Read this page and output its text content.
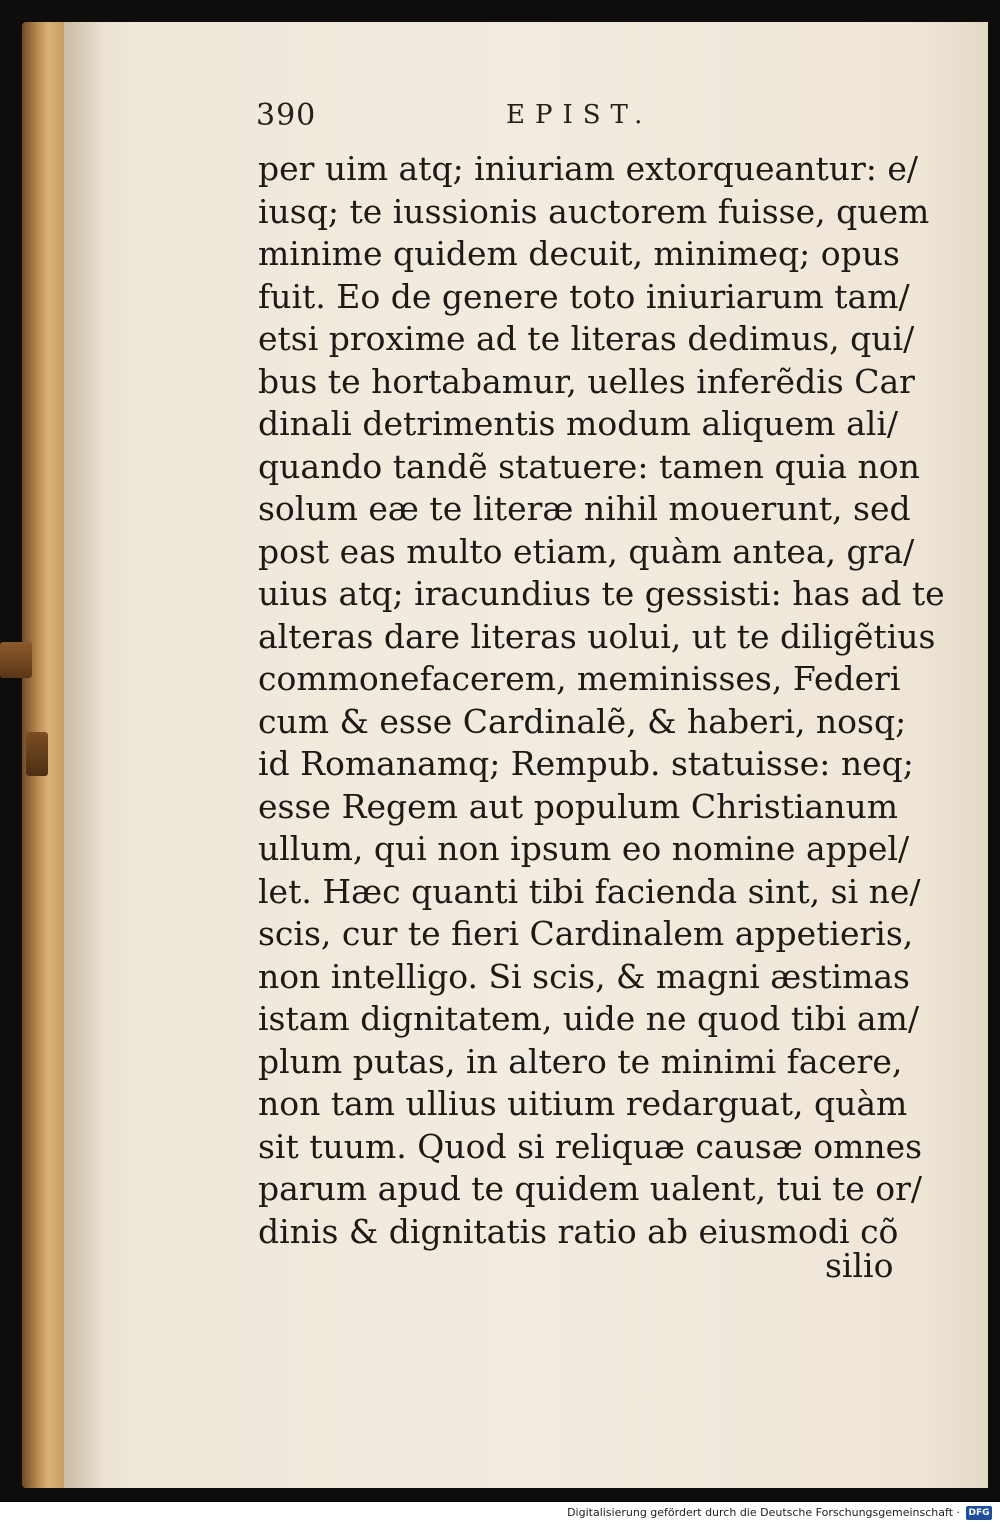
390	EPIST.
per uim atq; iniuriam extorqueantur: e/
iusq; te iussionis auctorem fuisse, quem
minime quidem decuit, minimeq; opus
fuit. Eo de genere toto iniuriarum tam/
etsi proxime ad te literas dedimus, qui/
bus te hortabamur, uelles inferẽdis Car
dinali detrimentis modum aliquem ali/
quando tandẽ statuere: tamen quia non
solum eæ te literæ nihil mouerunt, sed
post eas multo etiam, quàm antea, gra/
uius atq; iracundius te gessisti: has ad te
alteras dare literas uolui, ut te diligẽtius
commonefacerem, meminisses, Federi
cum & esse Cardinalẽ, & haberi, nosq;
id Romanamq; Rempub. statuisse: neq;
esse Regem aut populum Christianum
ullum, qui non ipsum eo nomine appel/
let. Hæc quanti tibi facienda sint, si ne/
scis, cur te fieri Cardinalem appetieris,
non intelligo. Si scis, & magni æstimas
istam dignitatem, uide ne quod tibi am/
plum putas, in altero te minimi facere,
non tam ullius uitium redarguat, quàm
sit tuum. Quod si reliquæ causæ omnes
parum apud te quidem ualent, tui te or/
dinis & dignitatis ratio ab eiusmodi cõ
silio
Digitalisierung gefördert durch die Deutsche Forschungsgemeinschaft · DFG
